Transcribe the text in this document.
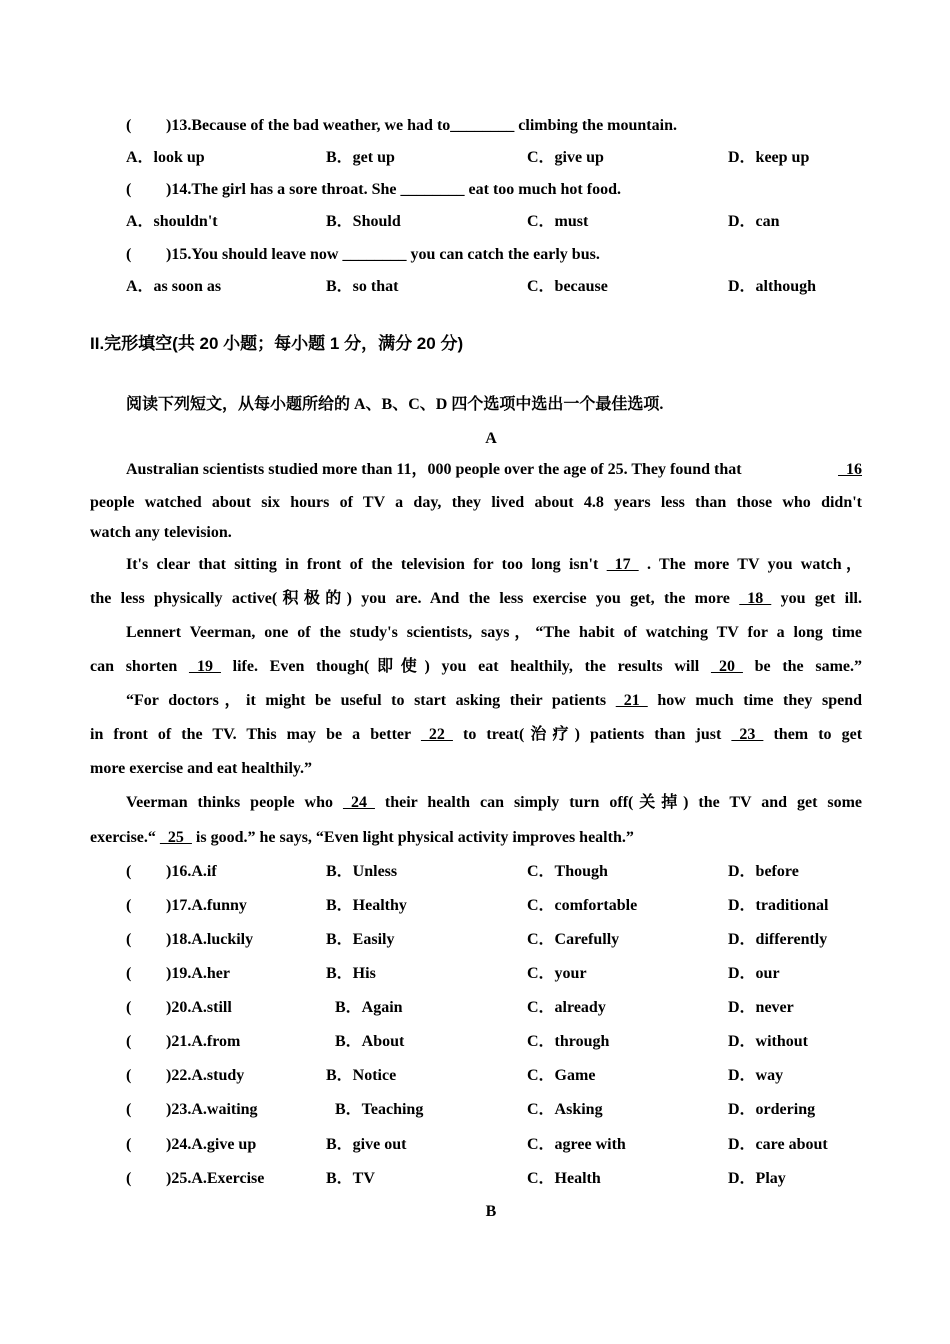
( )13.Because of the bad weather, we had to________ climbing the mountain.
A．look up	B．get up	C．give up	D．keep up
( )14.The girl has a sore throat. She ________ eat too much hot food.
A．shouldn't	B．Should	C．must	D．can
( )15.You should leave now ________ you can catch the early bus.
A．as soon as	B．so that	C．because	D．although
II.完形填空(共 20 小题；每小题 1 分，满分 20 分)
阅读下列短文，从每小题所给的 A、B、C、D 四个选项中选出一个最佳选项.
A
Australian scientists studied more than 11，000 people over the age of 25. They found that	16
people watched about six hours of TV a day, they lived about 4.8 years less than those who didn't
watch any television.
It's clear that sitting in front of the television for too long isn't   17   . The more TV you watch，
the less physically active(积极的) you are. And the less exercise you get, the more   18   you get ill.
Lennert Veerman, one of the study's scientists, says，“The habit of watching TV for a long time
can shorten   19   life. Even though(即使) you eat healthily, the results will   20   be the same.”
“For doctors，it might be useful to start asking their patients   21   how much time they spend
in front of the TV. This may be a better   22   to treat(治疗) patients than just   23   them to get
more exercise and eat healthily.”
Veerman thinks people who   24   their health can simply turn off(关掉) the TV and get some
exercise.“   25   is good.” he says, “Even light physical activity improves health.”
( )16.A.if	B．Unless	C．Though	D．before
( )17.A.funny	B．Healthy	C．comfortable	D．traditional
( )18.A.luckily	B．Easily	C．Carefully	D．differently
( )19.A.her	B．His	C．your	D．our
( )20.A.still	B．Again	C．already	D．never
( )21.A.from	B．About	C．through	D．without
( )22.A.study	B．Notice	C．Game	D．way
( )23.A.waiting	B．Teaching	C．Asking	D．ordering
( )24.A.give up	B．give out	C．agree with	D．care about
( )25.A.Exercise	B．TV	C．Health	D．Play
B
